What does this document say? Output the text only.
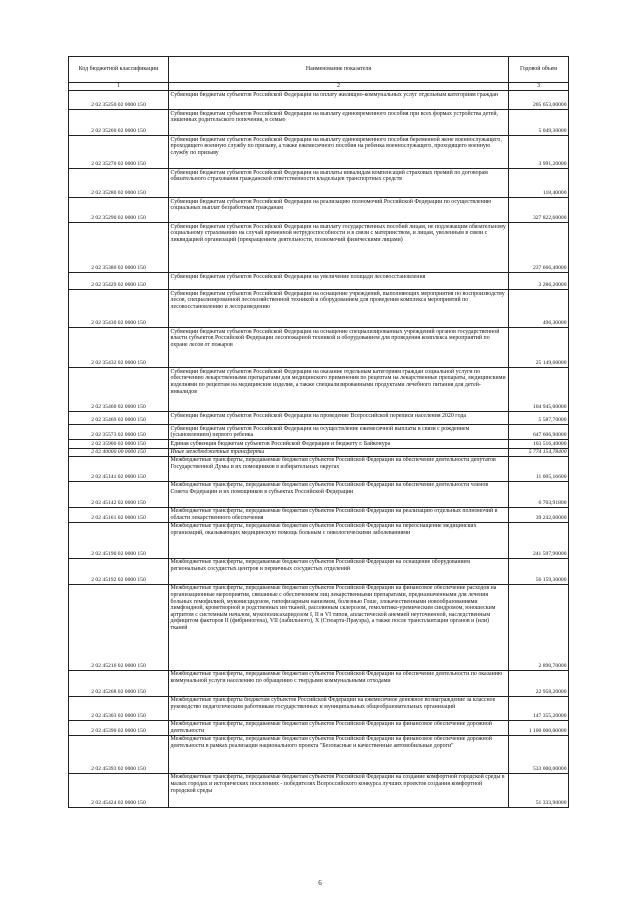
Код бюджетной классификации	Наименование показателя	Годовой объем
1	2	3
2 02 35250 02 0000 150	Субвенции бюджетам субъектов Российской Федерации на оплату жилищно-коммунальных услуг отдельным категориям граждан	205 653,00000
2 02 35260 02 0000 150	Субвенции бюджетам субъектов Российской Федерации на выплату единовременного пособия при всех формах устройства детей, лишенных родительского попечения, в семью	5 049,30000
2 02 35270 02 0000 150	Субвенции бюджетам субъектов Российской Федерации на выплату единовременного пособия беременной жене военнослужащего, проходящего военную службу по призыву, а также ежемесячного пособия на ребенка военнослужащего, проходящего военную службу по призыву	3 991,20000
2 02 35280 02 0000 150	Субвенции бюджетам субъектов Российской Федерации на выплаты инвалидам компенсаций страховых премий по договорам обязательного страхования гражданской ответственности владельцев транспортных средств	118,40000
2 02 35290 02 0000 150	Субвенции бюджетам субъектов Российской Федерации на реализацию полномочий Российской Федерации по осуществлению социальных выплат безработным гражданам	327 822,60000
2 02 35380 02 0000 150	Субвенции бюджетам субъектов Российской Федерации на выплату государственных пособий лицам, не подлежащим обязательному социальному страхованию на случай временной нетрудоспособности и в связи с материнством, и лицам, уволенным в связи с ликвидацией организаций (прекращением деятельности, полномочий физическими лицами)	237 666,40000
2 02 35429 02 0000 150	Субвенции бюджетам субъектов Российской Федерации на увеличение площади лесовосстановления	3 286,20000
2 02 35430 02 0000 150	Субвенции бюджетам субъектов Российской Федерации на оснащение учреждений, выполняющих мероприятия по воспроизводству лесов, специализированной лесохозяйственной техникой и оборудованием для проведения комплекса мероприятий по лесовосстановлению и лесоразведению	496,30000
2 02 35432 02 0000 150	Субвенции бюджетам субъектов Российской Федерации на оснащение специализированных учреждений органов государственной власти субъектов Российской Федерации лесопожарной техникой и оборудованием для проведения комплекса мероприятий по охране лесов от пожаров	25 149,60000
2 02 35460 02 0000 150	Субвенции бюджетам субъектов Российской Федерации на оказание отдельным категориям граждан социальной услуги по обеспечению лекарственными препаратами для медицинского применения по рецептам на лекарственные препараты, медицинскими изделиями по рецептам на медицинские изделия, а также специализированными продуктами лечебного питания для детей-инвалидов	104 945,00000
2 02 35469 02 0000 150	Субвенции бюджетам субъектов Российской Федерации на проведение Всероссийской переписи населения 2020 года	5 587,70000
2 02 35573 02 0000 150	Субвенции бюджетам субъектов Российской Федерации на осуществление ежемесячной выплаты в связи с рождением (усыновлением) первого ребенка	647 606,90000
2 02 35900 02 0000 150	Единая субвенция бюджетам субъектов Российской Федерации и бюджету г. Байконура	103 516,40000
2 02 40000 00 0000 150	Иные межбюджетные трансферты	5 774 154,78400
2 02 45141 02 0000 150	Межбюджетные трансферты, передаваемые бюджетам субъектов Российской Федерации на обеспечение деятельности депутатов Государственной Думы и их помощников в избирательных округах	11 005,16600
2 02 45142 02 0000 150	Межбюджетные трансферты, передаваемые бюджетам субъектов Российской Федерации на обеспечение деятельности членов Совета Федерации и их помощников в субъектах Российской Федерации	6 703,91800
2 02 45161 02 0000 150	Межбюджетные трансферты, передаваемые бюджетам субъектов Российской Федерации на реализацию отдельных полномочий в области лекарственного обеспечения	39 242,00000
2 02 45190 02 0000 150	Межбюджетные трансферты, передаваемые бюджетам субъектов Российской Федерации на переоснащение медицинских организаций, оказывающих медицинскую помощь больным с онкологическими заболеваниями	241 597,90000
2 02 45192 02 0000 150	Межбюджетные трансферты, передаваемые бюджетам субъектов Российской Федерации на оснащение оборудованием региональных сосудистых центров и первичных сосудистых отделений	56 159,30000
2 02 45216 02 0000 150	Межбюджетные трансферты, передаваемые бюджетам субъектов Российской Федерации на финансовое обеспечение расходов на организационные мероприятия, связанные с обеспечением лиц лекарственными препаратами, предназначенными для лечения больных гемофилией, муковисцидозом, гипофизарным нанизмом, болезнью Гоше, злокачественными новообразованиями лимфоидной, кроветворной и родственных им тканей, рассеянным склерозом, гемолитико-уремическим синдромом, юношеским артритом с системным началом, мукополисахаридозом I, II и VI типов, апластической анемией неуточненной, наследственным дефицитом факторов II (фибриногена), VII (лабильного), X (Стюарта-Прауэра), а также после трансплантации органов и (или) тканей	2 890,70000
2 02 45268 02 0000 150	Межбюджетные трансферты, передаваемые бюджетам субъектов Российской Федерации на обеспечение деятельности по оказанию коммунальной услуги населению по обращению с твердыми коммунальными отходами	22 958,20000
2 02 45303 02 0000 150	Межбюджетные трансферты бюджетам субъектов Российской Федерации на ежемесячное денежное вознаграждение за классное руководство педагогическим работникам государственных и муниципальных общеобразовательных организаций	147 355,20000
2 02 45390 02 0000 150	Межбюджетные трансферты, передаваемые бюджетам субъектов Российской Федерации на финансовое обеспечение дорожной деятельности	1 100 000,00000
2 02 45393 02 0000 150	Межбюджетные трансферты, передаваемые бюджетам субъектов Российской Федерации на финансовое обеспечение дорожной деятельности в рамках реализации национального проекта "Безопасные и качественные автомобильные дороги"	533 000,00000
2 02 45424 02 0000 150	Межбюджетные трансферты, передаваемые бюджетам субъектов Российской Федерации на создание комфортной городской среды в малых городах и исторических поселениях - победителях Всероссийского конкурса лучших проектов создания комфортной городской среды	51 333,90000
6
